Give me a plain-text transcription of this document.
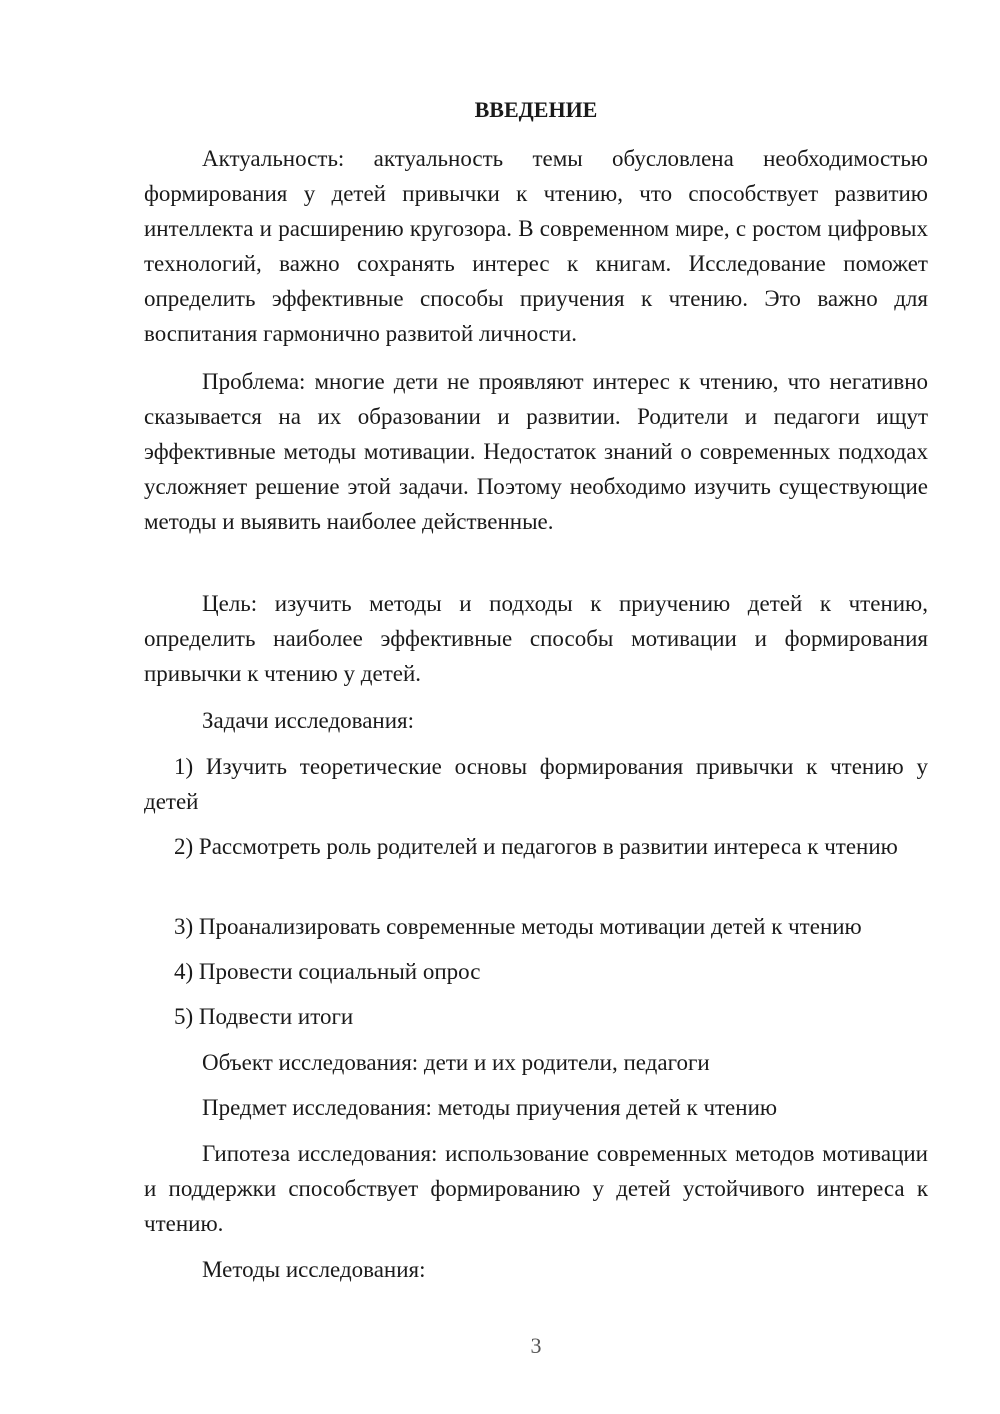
ВВЕДЕНИЕ

Актуальность: актуальность темы обусловлена необходимостью формирования у детей привычки к чтению, что способствует развитию интеллекта и расширению кругозора. В современном мире, с ростом цифровых технологий, важно сохранять интерес к книгам. Исследование поможет определить эффективные способы приучения к чтению. Это важно для воспитания гармонично развитой личности.

Проблема: многие дети не проявляют интерес к чтению, что негативно сказывается на их образовании и развитии. Родители и педагоги ищут эффективные методы мотивации. Недостаток знаний о современных подходах усложняет решение этой задачи. Поэтому необходимо изучить существующие методы и выявить наиболее действенные.

Цель: изучить методы и подходы к приучению детей к чтению, определить наиболее эффективные способы мотивации и формирования привычки к чтению у детей.

Задачи исследования:

1) Изучить теоретические основы формирования привычки к чтению у детей

2) Рассмотреть роль родителей и педагогов в развитии интереса к чтению

3) Проанализировать современные методы мотивации детей к чтению

4) Провести социальный опрос

5) Подвести итоги

Объект исследования: дети и их родители, педагоги

Предмет исследования: методы приучения детей к чтению

Гипотеза исследования: использование современных методов мотивации и поддержки способствует формированию у детей устойчивого интереса к чтению.

Методы исследования:

3
